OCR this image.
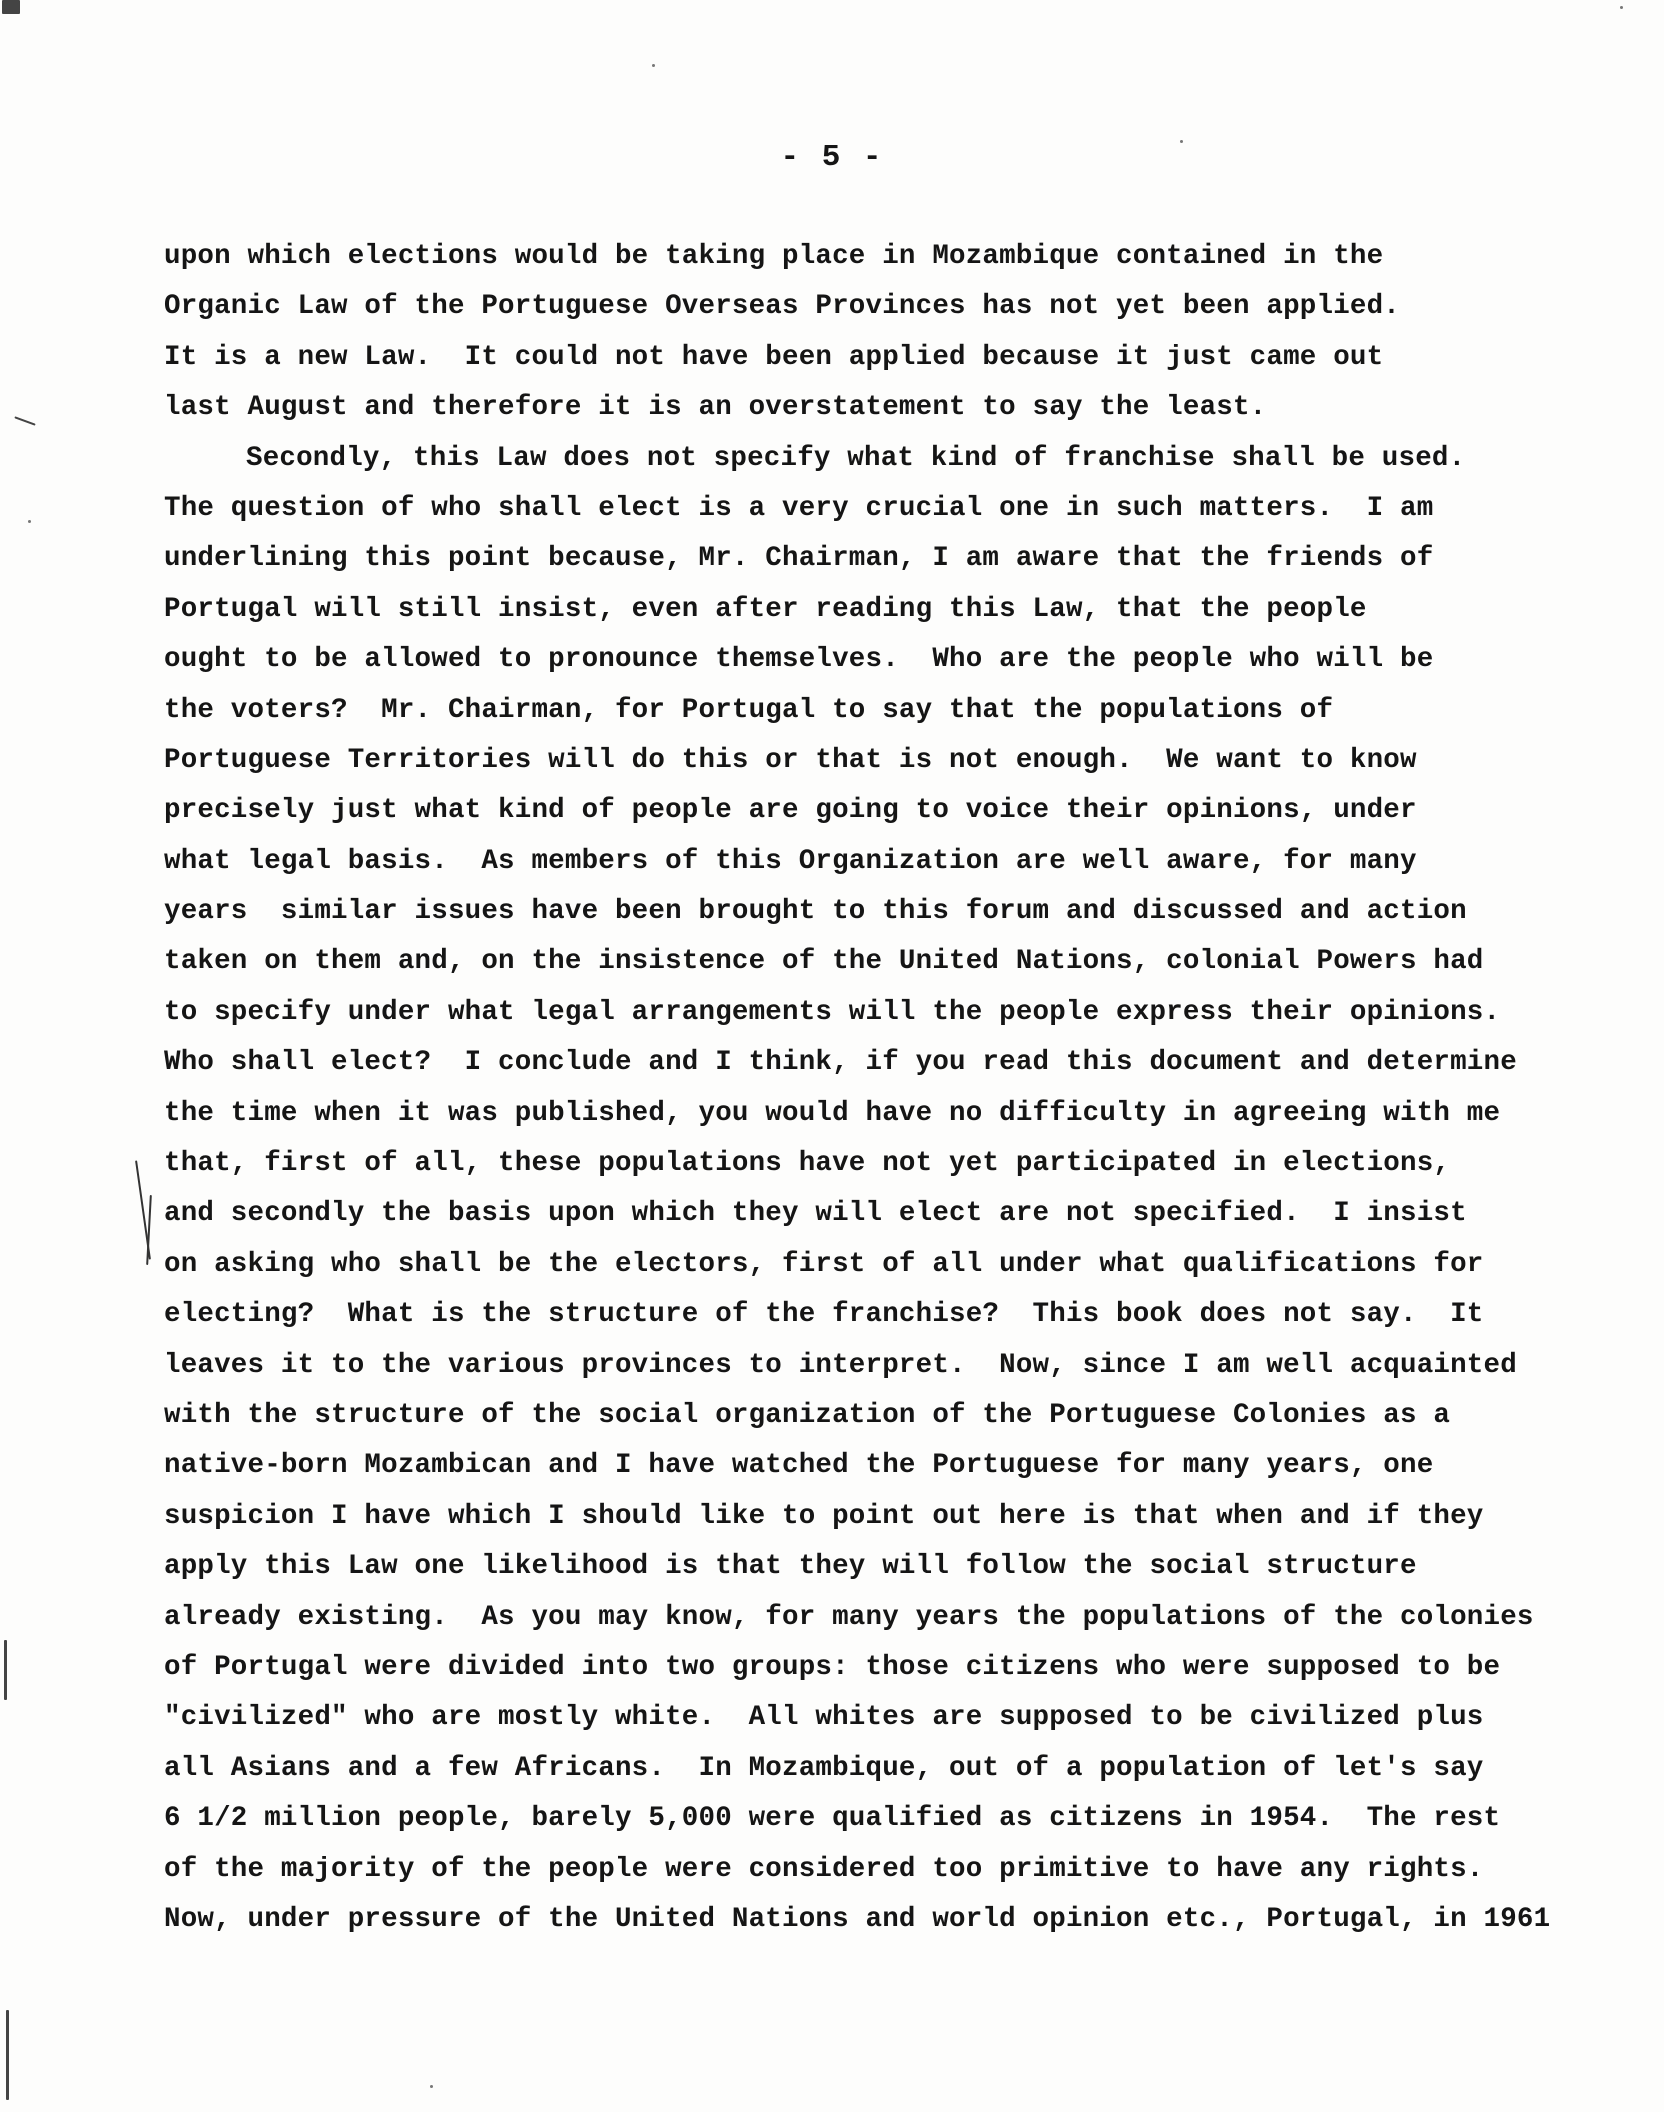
- 5 -

upon which elections would be taking place in Mozambique contained in the
Organic Law of the Portuguese Overseas Provinces has not yet been applied.
It is a new Law.  It could not have been applied because it just came out
last August and therefore it is an overstatement to say the least.
Secondly, this Law does not specify what kind of franchise shall be used.
The question of who shall elect is a very crucial one in such matters.  I am
underlining this point because, Mr. Chairman, I am aware that the friends of
Portugal will still insist, even after reading this Law, that the people
ought to be allowed to pronounce themselves.  Who are the people who will be
the voters?  Mr. Chairman, for Portugal to say that the populations of
Portuguese Territories will do this or that is not enough.  We want to know
precisely just what kind of people are going to voice their opinions, under
what legal basis.  As members of this Organization are well aware, for many
years  similar issues have been brought to this forum and discussed and action
taken on them and, on the insistence of the United Nations, colonial Powers had
to specify under what legal arrangements will the people express their opinions.
Who shall elect?  I conclude and I think, if you read this document and determine
the time when it was published, you would have no difficulty in agreeing with me
that, first of all, these populations have not yet participated in elections,
and secondly the basis upon which they will elect are not specified.  I insist
on asking who shall be the electors, first of all under what qualifications for
electing?  What is the structure of the franchise?  This book does not say.  It
leaves it to the various provinces to interpret.  Now, since I am well acquainted
with the structure of the social organization of the Portuguese Colonies as a
native-born Mozambican and I have watched the Portuguese for many years, one
suspicion I have which I should like to point out here is that when and if they
apply this Law one likelihood is that they will follow the social structure
already existing.  As you may know, for many years the populations of the colonies
of Portugal were divided into two groups: those citizens who were supposed to be
"civilized" who are mostly white.  All whites are supposed to be civilized plus
all Asians and a few Africans.  In Mozambique, out of a population of let's say
6 1/2 million people, barely 5,000 were qualified as citizens in 1954.  The rest
of the majority of the people were considered too primitive to have any rights.
Now, under pressure of the United Nations and world opinion etc., Portugal, in 1961
